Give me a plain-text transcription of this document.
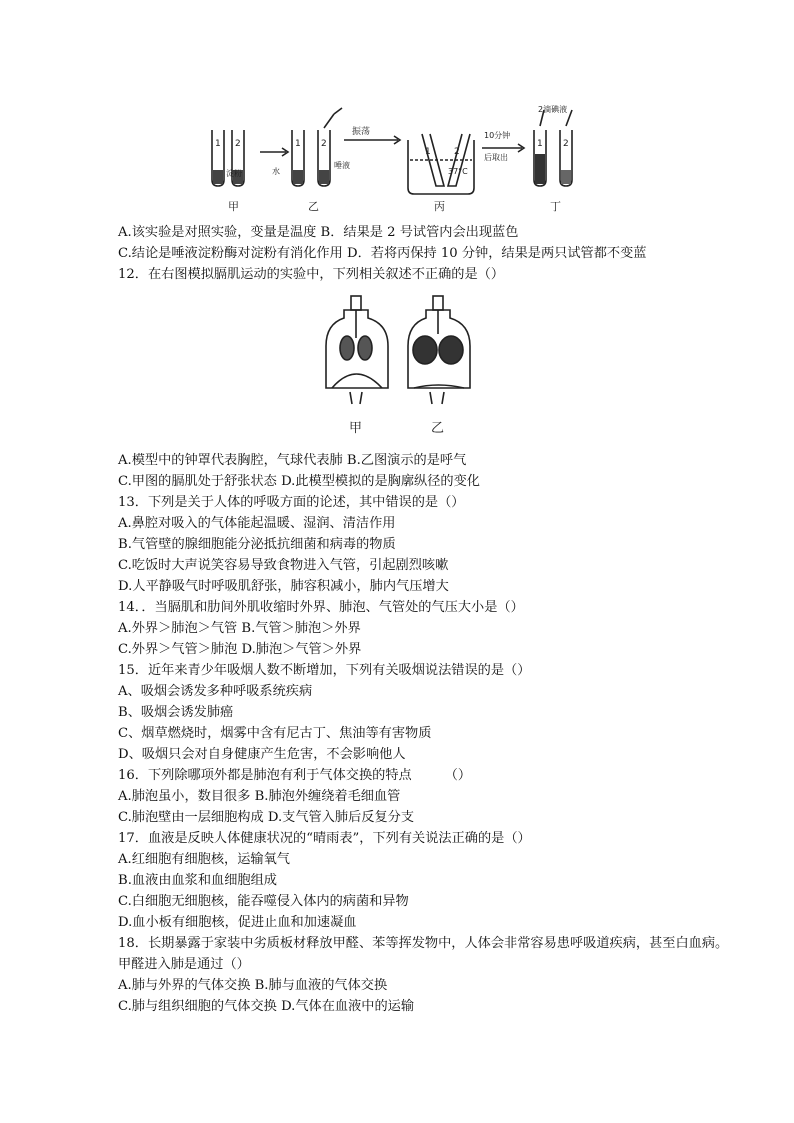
1 2
淀粉
1 2
水
唾液
振荡
1	2
37°C
10分钟
后取出
2滴碘液
1 2
甲	乙	丙	丁
A.该实验是对照实验，变量是温度 B．结果是 2 号试管内会出现蓝色
C.结论是唾液淀粉酶对淀粉有消化作用 D．若将丙保持 10 分钟，结果是两只试管都不变蓝
12．在右图模拟膈肌运动的实验中，下列相关叙述不正确的是（）
甲	乙
A.模型中的钟罩代表胸腔，气球代表肺 B.乙图演示的是呼气
C.甲图的膈肌处于舒张状态 D.此模型模拟的是胸廓纵径的变化
13．下列是关于人体的呼吸方面的论述，其中错误的是（）
A.鼻腔对吸入的气体能起温暖、湿润、清洁作用
B.气管壁的腺细胞能分泌抵抗细菌和病毒的物质
C.吃饭时大声说笑容易导致食物进入气管，引起剧烈咳嗽
D.人平静吸气时呼吸肌舒张，肺容积减小，肺内气压增大
14．．当膈肌和肋间外肌收缩时外界、肺泡、气管处的气压大小是（）
A.外界＞肺泡＞气管 B.气管＞肺泡＞外界
C.外界＞气管＞肺泡 D.肺泡＞气管＞外界
15．近年来青少年吸烟人数不断增加，下列有关吸烟说法错误的是（）
A、吸烟会诱发多种呼吸系统疾病
B、吸烟会诱发肺癌
C、烟草燃烧时，烟雾中含有尼古丁、焦油等有害物质
D、吸烟只会对自身健康产生危害，不会影响他人
16．下列除哪项外都是肺泡有利于气体交换的特点　　　（）
A.肺泡虽小，数目很多 B.肺泡外缠绕着毛细血管
C.肺泡壁由一层细胞构成 D.支气管入肺后反复分支
17．血液是反映人体健康状况的“晴雨表”，下列有关说法正确的是（）
A.红细胞有细胞核，运输氧气
B.血液由血浆和血细胞组成
C.白细胞无细胞核，能吞噬侵入体内的病菌和异物
D.血小板有细胞核，促进止血和加速凝血
18．长期暴露于家装中劣质板材释放甲醛、苯等挥发物中，人体会非常容易患呼吸道疾病，甚至白血病。甲醛进入肺是通过（）
A.肺与外界的气体交换 B.肺与血液的气体交换
C.肺与组织细胞的气体交换 D.气体在血液中的运输
